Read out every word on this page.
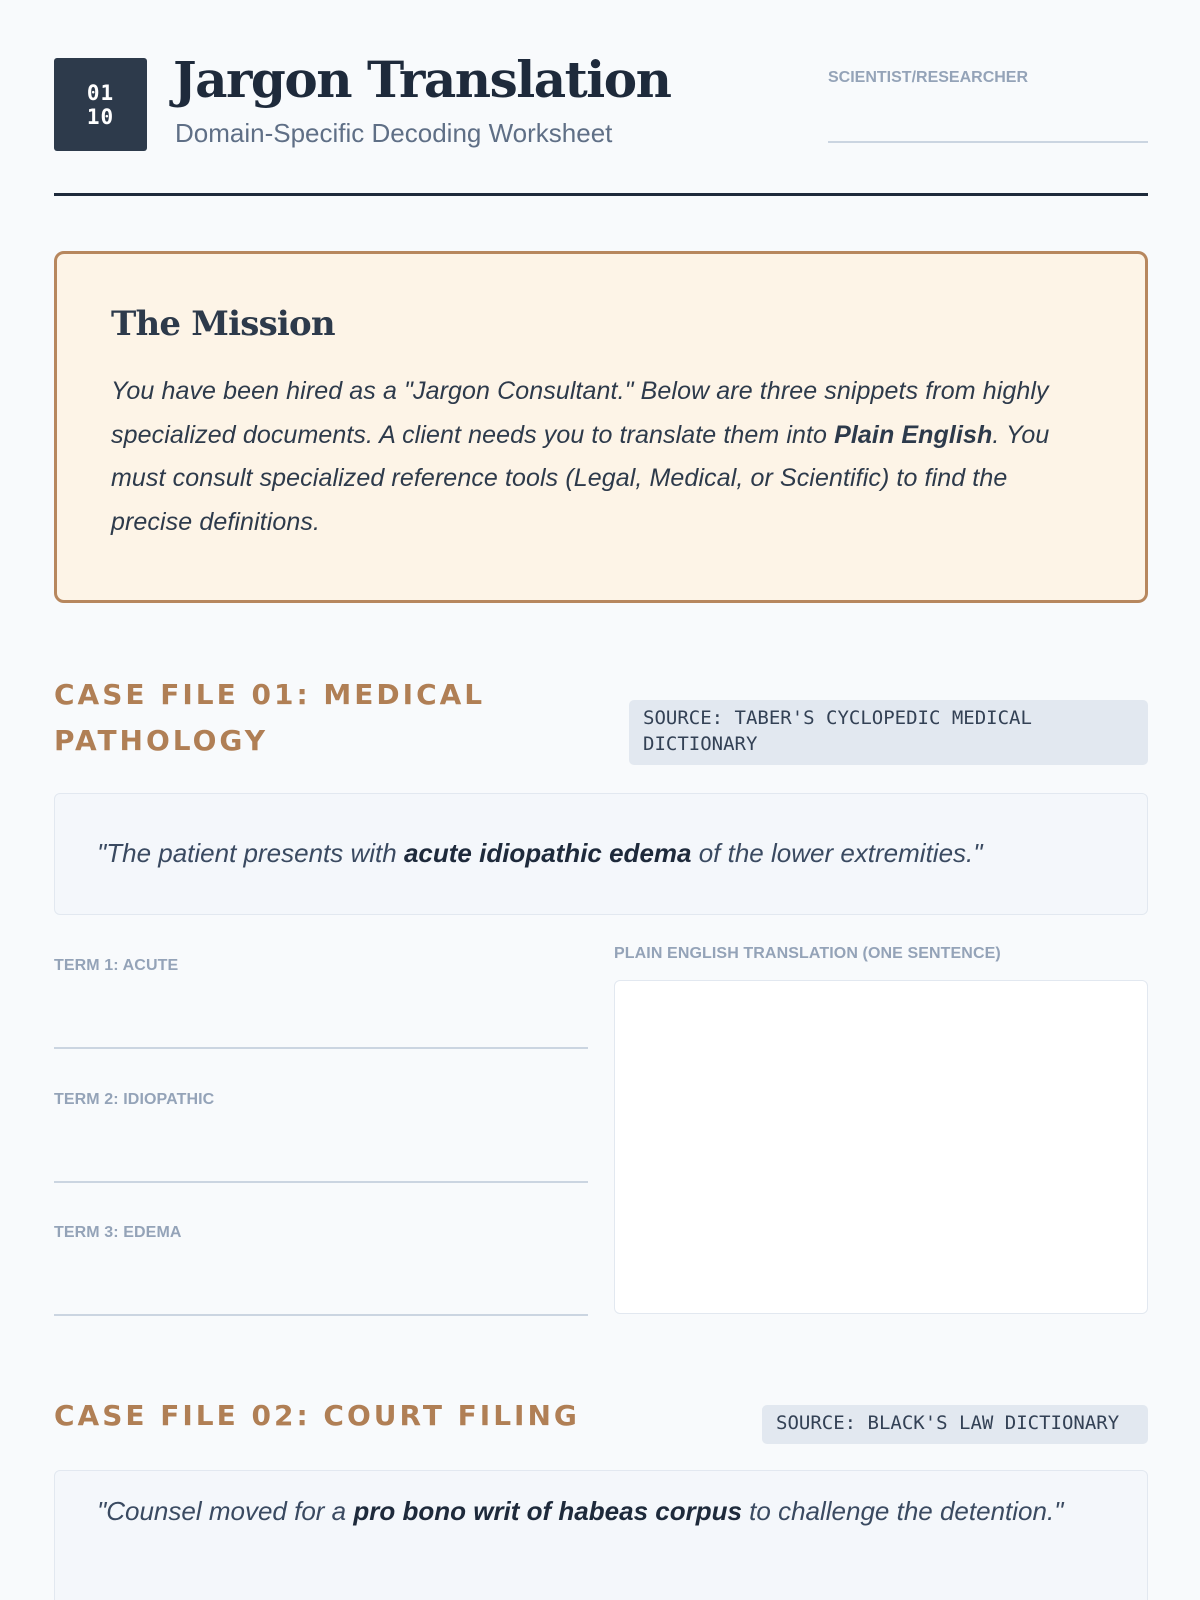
01
10
Jargon Translation
Domain-Specific Decoding Worksheet
SCIENTIST/RESEARCHER
The Mission

You have been hired as a "Jargon Consultant." Below are three snippets from highly specialized documents. A client needs you to translate them into Plain English. You must consult specialized reference tools (Legal, Medical, or Scientific) to find the precise definitions.

CASE FILE 01: MEDICAL
PATHOLOGY
SOURCE: TABER'S CYCLOPEDIC MEDICAL
DICTIONARY
"The patient presents with acute idiopathic edema of the lower extremities."
TERM 1: ACUTE
TERM 2: IDIOPATHIC
TERM 3: EDEMA
PLAIN ENGLISH TRANSLATION (ONE SENTENCE)
CASE FILE 02: COURT FILING	SOURCE: BLACK'S LAW DICTIONARY
"Counsel moved for a pro bono writ of habeas corpus to challenge the detention."
